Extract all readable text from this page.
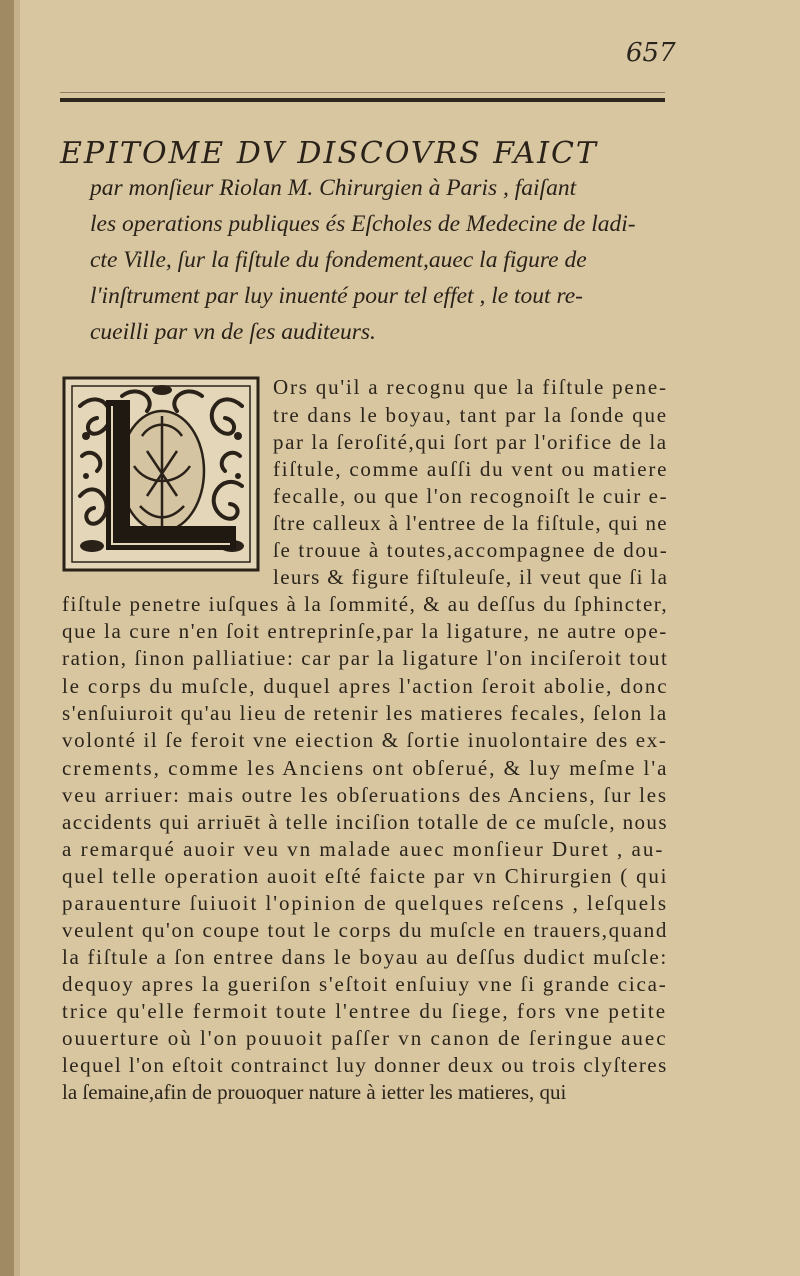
657
EPITOME DV DISCOVRS FAICT
par monſieur Riolan M. Chirurgien à Paris , faiſant
les operations publiques és Eſcholes de Medecine de ladi-
cte Ville, ſur la fiſtule du fondement,auec la figure de
l'inſtrument par luy inuenté pour tel effet , le tout re-
cueilli par vn de ſes auditeurs.
Ors qu'il a recognu que la fiſtule pene-
tre dans le boyau, tant par la ſonde que
par la ſeroſité,qui ſort par l'orifice de la
fiſtule, comme auſſi du vent ou matiere
fecalle, ou que l'on recognoiſt le cuir e-
ſtre calleux à l'entree de la fiſtule, qui ne
ſe trouue à toutes,accompagnee de dou-
leurs & figure fiſtuleuſe, il veut que ſi la
fiſtule penetre iuſques à la ſommité, & au deſſus du ſphincter,
que la cure n'en ſoit entreprinſe,par la ligature, ne autre ope-
ration, ſinon palliatiue: car par la ligature l'on inciſeroit tout
le corps du muſcle, duquel apres l'action ſeroit abolie, donc
s'enſuiuroit qu'au lieu de retenir les matieres fecales, ſelon la
volonté il ſe feroit vne eiection & ſortie inuolontaire des ex-
crements, comme les Anciens ont obſerué, & luy meſme l'a
veu arriuer: mais outre les obſeruations des Anciens, ſur les
accidents qui arriuēt à telle inciſion totalle de ce muſcle, nous
a remarqué auoir veu vn malade auec monſieur Duret , au-
quel telle operation auoit eſté faicte par vn Chirurgien ( qui
parauenture ſuiuoit l'opinion de quelques reſcens , leſquels
veulent qu'on coupe tout le corps du muſcle en trauers,quand
la fiſtule a ſon entree dans le boyau au deſſus dudict muſcle:
dequoy apres la gueriſon s'eſtoit enſuiuy vne ſi grande cica-
trice qu'elle fermoit toute l'entree du ſiege, fors vne petite
ouuerture où l'on pouuoit paſſer vn canon de ſeringue auec
lequel l'on eſtoit contrainct luy donner deux ou trois clyſteres
la ſemaine,afin de prouoquer nature à ietter les matieres, qui
